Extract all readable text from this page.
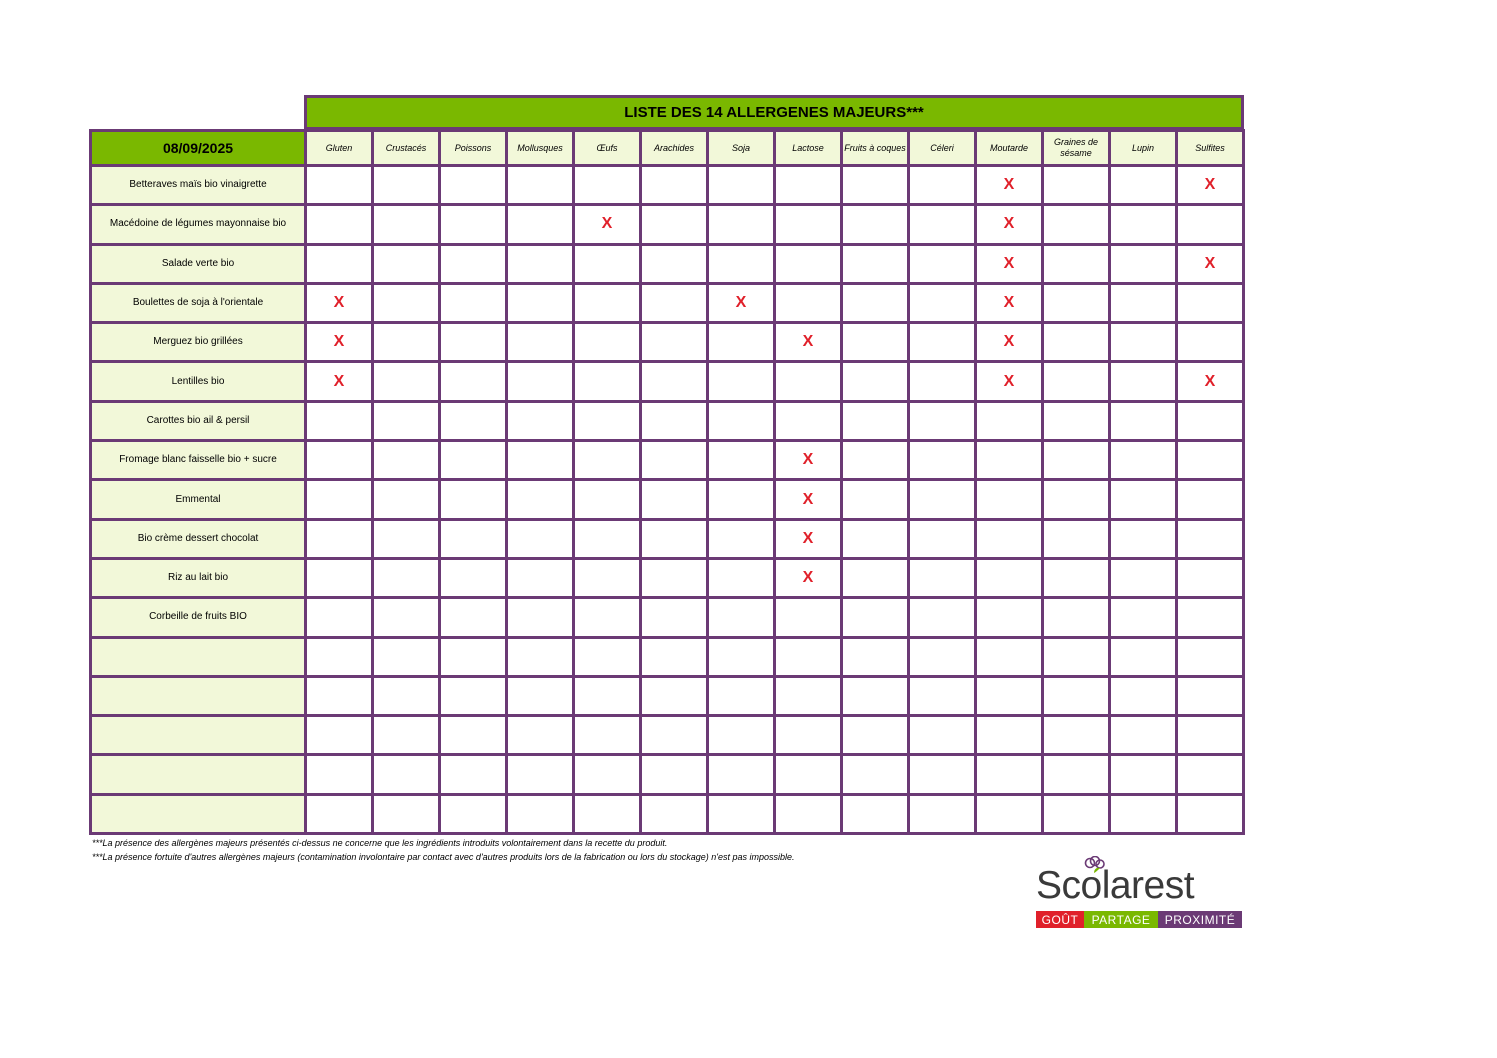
LISTE DES 14 ALLERGENES MAJEURS***
08/09/2025	Gluten	Crustacés	Poissons	Mollusques	Œufs	Arachides	Soja	Lactose	Fruits à coques	Céleri	Moutarde	Graines de sésame	Lupin	Sulfites
Betteraves maïs bio vinaigrette											X			X
Macédoine de légumes mayonnaise bio					X						X			
Salade verte bio											X			X
Boulettes de soja à l'orientale	X						X				X			
Merguez bio grillées	X							X			X			
Lentilles bio	X										X			X
Carottes bio ail & persil														
Fromage blanc faisselle bio + sucre								X						
Emmental								X						
Bio crème dessert chocolat								X						
Riz au lait bio								X						
Corbeille de fruits BIO														

***La présence des allergènes majeurs présentés ci-dessus ne concerne que les ingrédients introduits volontairement dans la recette du produit.
***La présence fortuite d'autres allergènes majeurs (contamination involontaire par contact avec d'autres produits lors de la fabrication ou lors du stockage) n'est pas impossible.
Scolarest
GOÛT	PARTAGE	PROXIMITÉ
